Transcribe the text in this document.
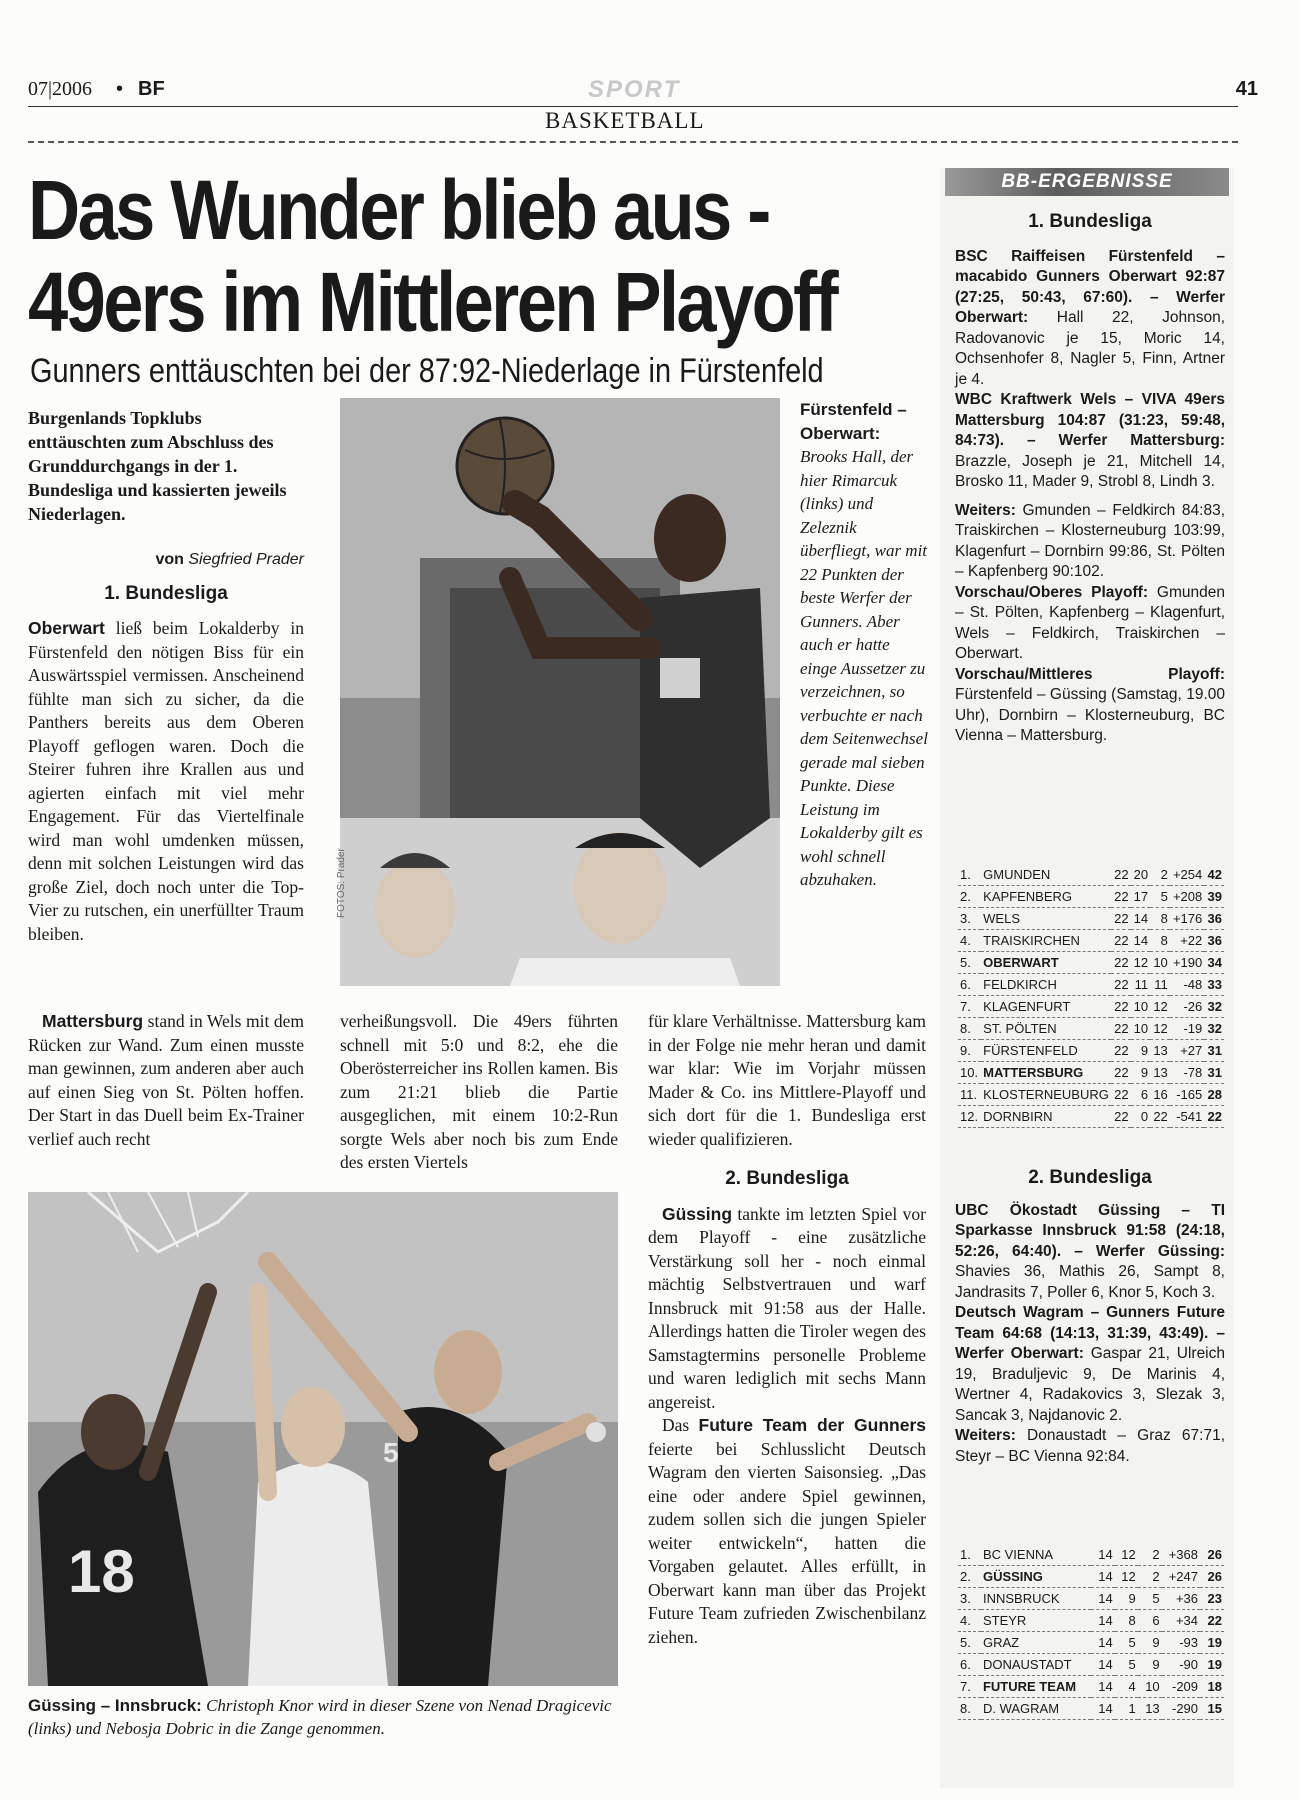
07|2006 • BF	SPORT	41
BASKETBALL
Das Wunder blieb aus -
49ers im Mittleren Playoff
Gunners enttäuschten bei der 87:92-Niederlage in Fürstenfeld
Burgenlands Topklubs enttäuschten zum Abschluss des Grunddurchgangs in der 1. Bundesliga und kassierten jeweils Niederlagen.
von Siegfried Prader
1. Bundesliga

Oberwart ließ beim Lokalderby in Fürstenfeld den nötigen Biss für ein Auswärtsspiel vermissen. Anscheinend fühlte man sich zu sicher, da die Panthers bereits aus dem Oberen Playoff geflogen waren. Doch die Steirer fuhren ihre Krallen aus und agierten einfach mit viel mehr Engagement. Für das Viertelfinale wird man wohl umdenken müssen, denn mit solchen Leistungen wird das große Ziel, doch noch unter die Top-Vier zu rutschen, ein unerfüllter Traum bleiben.

Mattersburg stand in Wels mit dem Rücken zur Wand. Zum einen musste man gewinnen, zum anderen aber auch auf einen Sieg von St. Pölten hoffen. Der Start in das Duell beim Ex-Trainer verlief auch recht

verheißungsvoll. Die 49ers führten schnell mit 5:0 und 8:2, ehe die Oberösterreicher ins Rollen kamen. Bis zum 21:21 blieb die Partie ausgeglichen, mit einem 10:2-Run sorgte Wels aber noch bis zum Ende des ersten Viertels

für klare Verhältnisse. Mattersburg kam in der Folge nie mehr heran und damit war klar: Wie im Vorjahr müssen Mader & Co. ins Mittlere-Playoff und sich dort für die 1. Bundesliga erst wieder qualifizieren.

2. Bundesliga

Güssing tankte im letzten Spiel vor dem Playoff - eine zusätzliche Verstärkung soll her - noch einmal mächtig Selbstvertrauen und warf Innsbruck mit 91:58 aus der Halle. Allerdings hatten die Tiroler wegen des Samstagtermins personelle Probleme und waren lediglich mit sechs Mann angereist.

Das Future Team der Gunners feierte bei Schlusslicht Deutsch Wagram den vierten Saisonsieg. „Das eine oder andere Spiel gewinnen, zudem sollen sich die jungen Spieler weiter entwickeln“, hatten die Vorgaben gelautet. Alles erfüllt, in Oberwart kann man über das Projekt Future Team zufrieden Zwischenbilanz ziehen.

FOTOS: Prader
Fürstenfeld – Oberwart:
Brooks Hall, der hier Rimarcuk (links) und Zeleznik überfliegt, war mit 22 Punkten der beste Werfer der Gunners. Aber auch er hatte einge Aussetzer zu verzeichnen, so verbuchte er nach dem Seitenwechsel gerade mal sieben Punkte. Diese Leistung im Lokalderby gilt es wohl schnell abzuhaken.
18
5
Güssing – Innsbruck: Christoph Knor wird in dieser Szene von Nenad Dragicevic (links) und Nebosja Dobric in die Zange genommen.
BB-ERGEBNISSE
1. Bundesliga
BSC Raiffeisen Fürstenfeld – macabido Gunners Oberwart 92:87 (27:25, 50:43, 67:60). – Werfer Oberwart: Hall 22, Johnson, Radovanovic je 15, Moric 14, Ochsenhofer 8, Nagler 5, Finn, Artner je 4.
WBC Kraftwerk Wels – VIVA 49ers Mattersburg 104:87 (31:23, 59:48, 84:73). – Werfer Mattersburg: Brazzle, Joseph je 21, Mitchell 14, Brosko 11, Mader 9, Strobl 8, Lindh 3.
Weiters: Gmunden – Feldkirch 84:83, Traiskirchen – Klosterneuburg 103:99, Klagenfurt – Dornbirn 99:86, St. Pölten – Kapfenberg 90:102.
Vorschau/Oberes Playoff: Gmunden – St. Pölten, Kapfenberg – Klagenfurt, Wels – Feldkirch, Traiskirchen – Oberwart.
Vorschau/Mittleres Playoff: Fürstenfeld – Güssing (Samstag, 19.00 Uhr), Dornbirn – Klosterneuburg, BC Vienna – Mattersburg.
1.	GMUNDEN	22	20	2	+254	42
2.	KAPFENBERG	22	17	5	+208	39
3.	WELS	22	14	8	+176	36
4.	TRAISKIRCHEN	22	14	8	+22	36
5.	OBERWART	22	12	10	+190	34
6.	FELDKIRCH	22	11	11	-48	33
7.	KLAGENFURT	22	10	12	-26	32
8.	ST. PÖLTEN	22	10	12	-19	32
9.	FÜRSTENFELD	22	9	13	+27	31
10.	MATTERSBURG	22	9	13	-78	31
11.	KLOSTERNEUBURG	22	6	16	-165	28
12.	DORNBIRN	22	0	22	-541	22
2. Bundesliga
UBC Ökostadt Güssing – TI Sparkasse Innsbruck 91:58 (24:18, 52:26, 64:40). – Werfer Güssing: Shavies 36, Mathis 26, Sampt 8, Jandrasits 7, Poller 6, Knor 5, Koch 3.
Deutsch Wagram – Gunners Future Team 64:68 (14:13, 31:39, 43:49). – Werfer Oberwart: Gaspar 21, Ulreich 19, Braduljevic 9, De Marinis 4, Wertner 4, Radakovics 3, Slezak 3, Sancak 3, Najdanovic 2.
Weiters: Donaustadt – Graz 67:71, Steyr – BC Vienna 92:84.
1.	BC VIENNA	14	12	2	+368	26
2.	GÜSSING	14	12	2	+247	26
3.	INNSBRUCK	14	9	5	+36	23
4.	STEYR	14	8	6	+34	22
5.	GRAZ	14	5	9	-93	19
6.	DONAUSTADT	14	5	9	-90	19
7.	FUTURE TEAM	14	4	10	-209	18
8.	D. WAGRAM	14	1	13	-290	15
